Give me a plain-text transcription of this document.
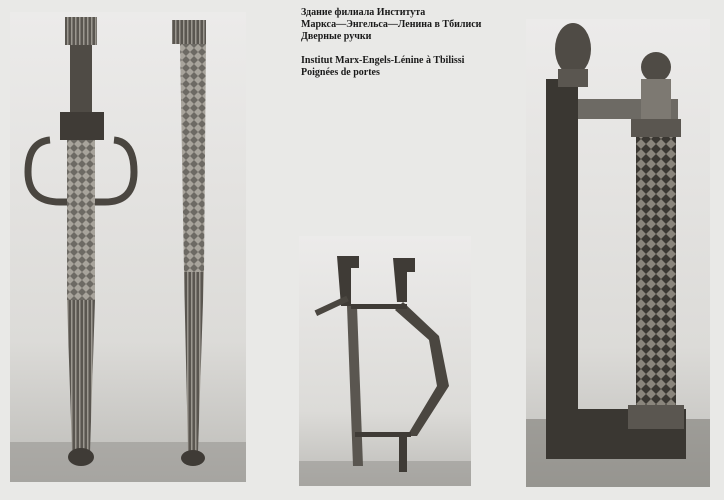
Здание филиала Института
Маркса—Энгельса—Ленина в Тбилиси
Дверные ручки
Institut Marx-Engels-Lénine à Tbilissi
Poignées de portes
